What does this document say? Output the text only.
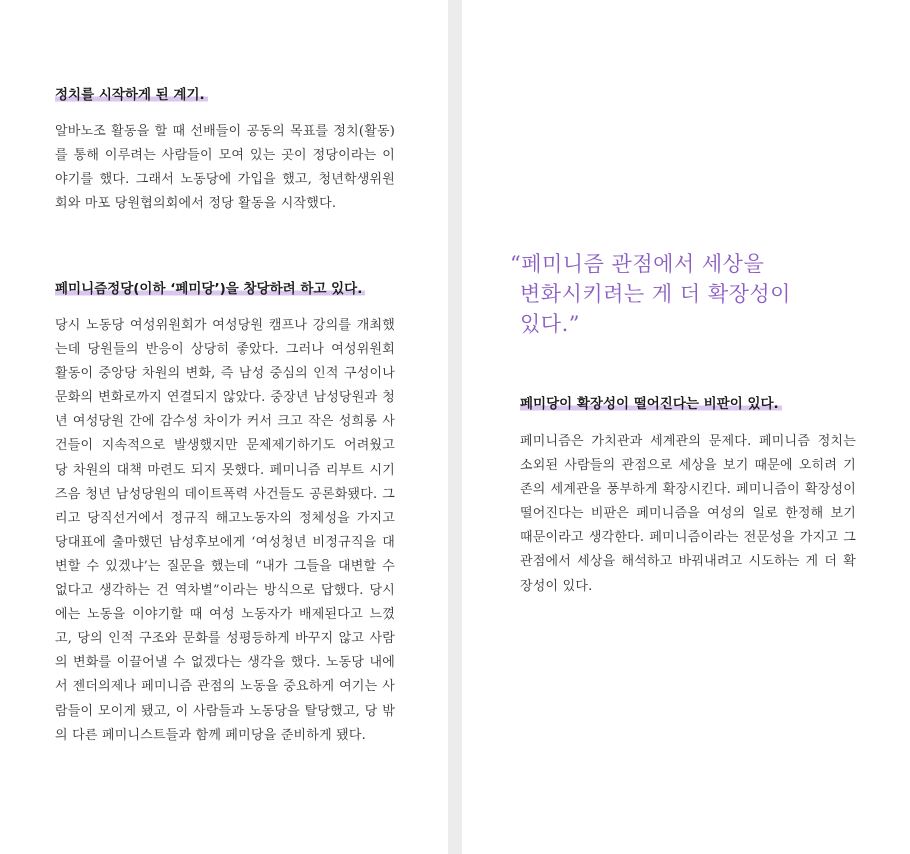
정치를 시작하게 된 계기.

알바노조 활동을 할 때 선배들이 공동의 목표를 정치(활동)를 통해 이루려는 사람들이 모여 있는 곳이 정당이라는 이야기를 했다. 그래서 노동당에 가입을 했고, 청년학생위원회와 마포 당원협의회에서 정당 활동을 시작했다.

페미니즘정당(이하 ‘페미당’)을 창당하려 하고 있다.

당시 노동당 여성위원회가 여성당원 캠프나 강의를 개최했는데 당원들의 반응이 상당히 좋았다. 그러나 여성위원회 활동이 중앙당 차원의 변화, 즉 남성 중심의 인적 구성이나 문화의 변화로까지 연결되지 않았다. 중장년 남성당원과 청년 여성당원 간에 감수성 차이가 커서 크고 작은 성희롱 사건들이 지속적으로 발생했지만 문제제기하기도 어려웠고 당 차원의 대책 마련도 되지 못했다. 페미니즘 리부트 시기즈음 청년 남성당원의 데이트폭력 사건들도 공론화됐다. 그리고 당직선거에서 정규직 해고노동자의 정체성을 가지고 당대표에 출마했던 남성후보에게 ‘여성청년 비정규직을 대변할 수 있겠냐’는 질문을 했는데 “내가 그들을 대변할 수 없다고 생각하는 건 역차별”이라는 방식으로 답했다. 당시에는 노동을 이야기할 때 여성 노동자가 배제된다고 느꼈고, 당의 인적 구조와 문화를 성평등하게 바꾸지 않고 사람의 변화를 이끌어낼 수 없겠다는 생각을 했다. 노동당 내에서 젠더의제나 페미니즘 관점의 노동을 중요하게 여기는 사람들이 모이게 됐고, 이 사람들과 노동당을 탈당했고, 당 밖의 다른 페미니스트들과 함께 페미당을 준비하게 됐다.

“페미니즘 관점에서 세상을
변화시키려는 게 더 확장성이
있다.”
페미당이 확장성이 떨어진다는 비판이 있다.

페미니즘은 가치관과 세계관의 문제다. 페미니즘 정치는 소외된 사람들의 관점으로 세상을 보기 때문에 오히려 기존의 세계관을 풍부하게 확장시킨다. 페미니즘이 확장성이 떨어진다는 비판은 페미니즘을 여성의 일로 한정해 보기 때문이라고 생각한다. 페미니즘이라는 전문성을 가지고 그 관점에서 세상을 해석하고 바꿔내려고 시도하는 게 더 확장성이 있다.
